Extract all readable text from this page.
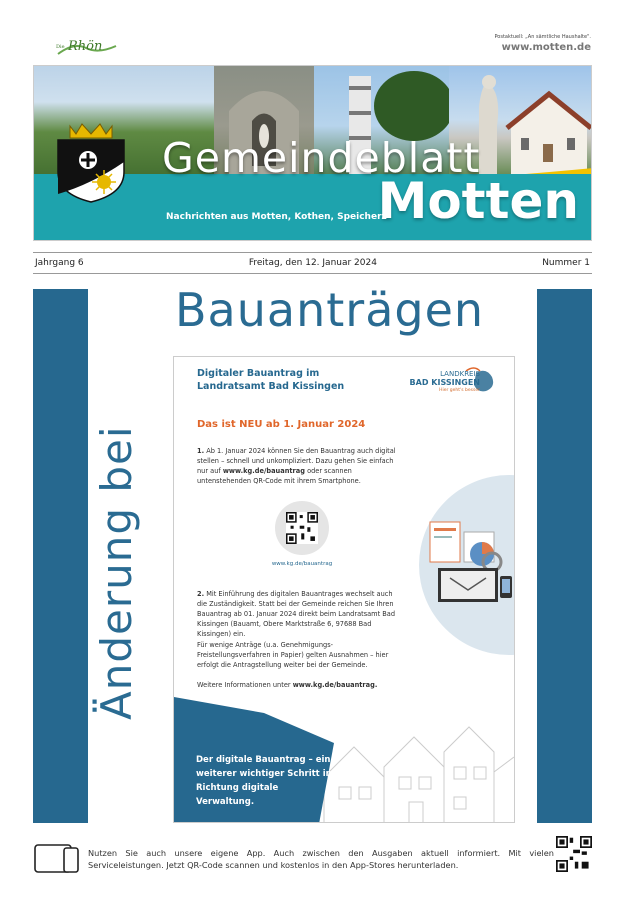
Rhön
Die
Postaktuell: „An sämtliche Haushalte".
www.motten.de
Gemeindeblatt
Motten
Nachrichten aus Motten, Kothen, Speicherz
Jahrgang 6	Freitag, den 12. Januar 2024	Nummer 1
Bauanträgen
Änderung bei
Digitaler Bauantrag im Landratsamt Bad Kissingen
LANDKREIS
BAD KISSINGEN
Hier geht's besser
Das ist NEU ab 1. Januar 2024
1. Ab 1. Januar 2024 können Sie den Bauantrag auch digital stellen – schnell und unkompliziert. Dazu gehen Sie einfach nur auf www.kg.de/bauantrag oder scannen untenstehenden QR-Code mit ihrem Smartphone.
www.kg.de/bauantrag
2. Mit Einführung des digitalen Bauantrages wechselt auch die Zuständigkeit. Statt bei der Gemeinde reichen Sie Ihren Bauantrag ab 01. Januar 2024 direkt beim Landratsamt Bad Kissingen (Bauamt, Obere Marktstraße 6, 97688 Bad Kissingen) ein.
Für wenige Anträge (u.a. Genehmigungs-Freistellungsverfahren in Papier) gelten Ausnahmen – hier erfolgt die Antragstellung weiter bei der Gemeinde.
Weitere Informationen unter www.kg.de/bauantrag.
Der digitale Bauantrag – ein weiterer wichtiger Schritt in Richtung digitale Verwaltung.
Nutzen Sie auch unsere eigene App. Auch zwischen den Ausgaben aktuell informiert. Mit vielen Serviceleistungen. Jetzt QR-Code scannen und kostenlos in den App-Stores herunterladen.
